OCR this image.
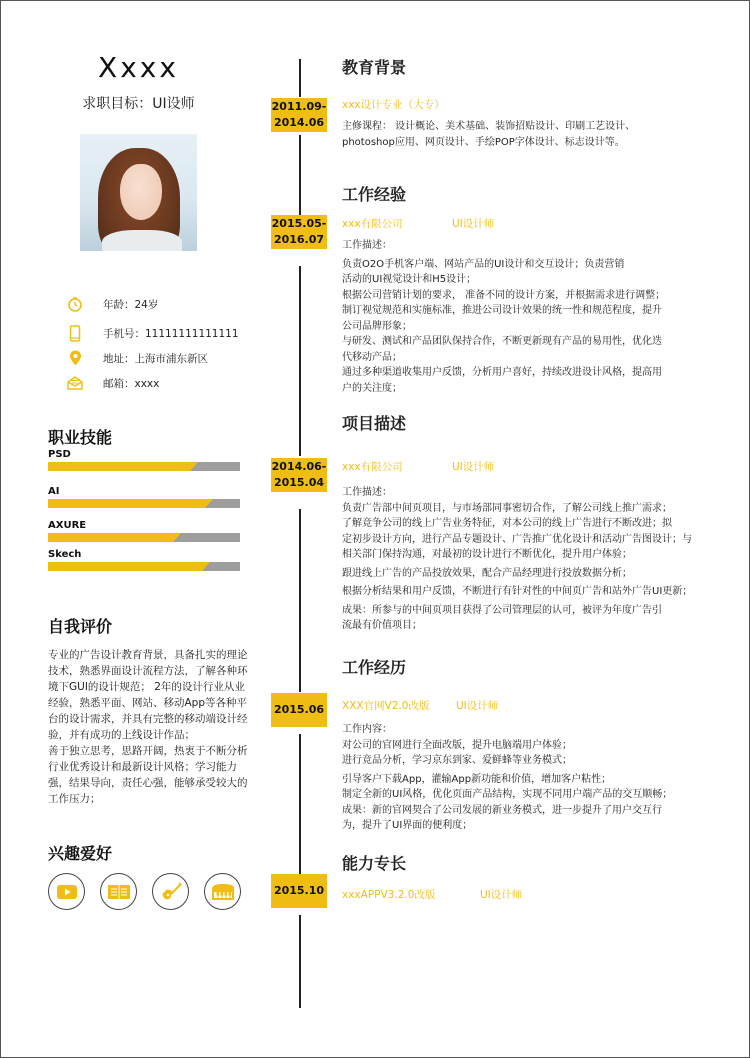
Xxxx
求职目标：UI设师
年龄：24岁
手机号：11111111111111
地址：上海市浦东新区
邮箱：xxxx
职业技能
PSD
AI
AXURE
Skech
自我评价

专业的广告设计教育背景，具备扎实的理论技术，熟悉界面设计流程方法，了解各种环境下GUI的设计规范； 2年的设计行业从业经验，熟悉平面、网站、移动App等各种平台的设计需求，并具有完整的移动端设计经验，并有成功的上线设计作品；

善于独立思考，思路开阔，热衷于不断分析行业优秀设计和最新设计风格；学习能力强，结果导向，责任心强，能够承受较大的工作压力；

兴趣爱好
教育背景
2011.09-
2014.06
xxx设计专业（大专）

主修课程： 设计概论、美术基础、装饰招贴设计、印刷工艺设计、

photoshop应用、网页设计、手绘POP字体设计、标志设计等。

工作经验
2015.05-
2016.07
xxx有限公司	UI设计师

工作描述：

负责O2O手机客户端、网站产品的UI设计和交互设计；负责营销

活动的UI视觉设计和H5设计；

根据公司营销计划的要求， 准备不同的设计方案，并根据需求进行调整；

制订视觉规范和实施标准，推进公司设计效果的统一性和规范程度，提升

公司品牌形象；

与研发、测试和产品团队保持合作，不断更新现有产品的易用性，优化迭

代移动产品；

通过多种渠道收集用户反馈，分析用户喜好，持续改进设计风格，提高用

户的关注度；

项目描述
2014.06-
2015.04
xxx有限公司	UI设计师

工作描述：

负责广告部中间页项目，与市场部同事密切合作，了解公司线上推广需求；

了解竞争公司的线上广告业务特征，对本公司的线上广告进行不断改进；拟

定初步设计方向，进行产品专题设计、广告推广优化设计和活动广告图设计；与

相关部门保持沟通，对最初的设计进行不断优化，提升用户体验；

跟进线上广告的产品投放效果，配合产品经理进行投放数据分析；

根据分析结果和用户反馈，不断进行有针对性的中间页广告和站外广告UI更新；

成果：所参与的中间页项目获得了公司管理层的认可，被评为年度广告引

流最有价值项目；

工作经历
2015.06 XXX官网V2.0改版	UI设计师

工作内容：

对公司的官网进行全面改版，提升电脑端用户体验；

进行竞品分析，学习京东到家、爱鲜蜂等业务模式；

引导客户下载App，灌输App新功能和价值，增加客户粘性；

制定全新的UI风格，优化页面产品结构，实现不同用户端产品的交互顺畅；

成果：新的官网契合了公司发展的新业务模式，进一步提升了用户交互行

为，提升了UI界面的便利度；

能力专长
2015.10 xxxAPPV3.2.0改版	UI设计师
